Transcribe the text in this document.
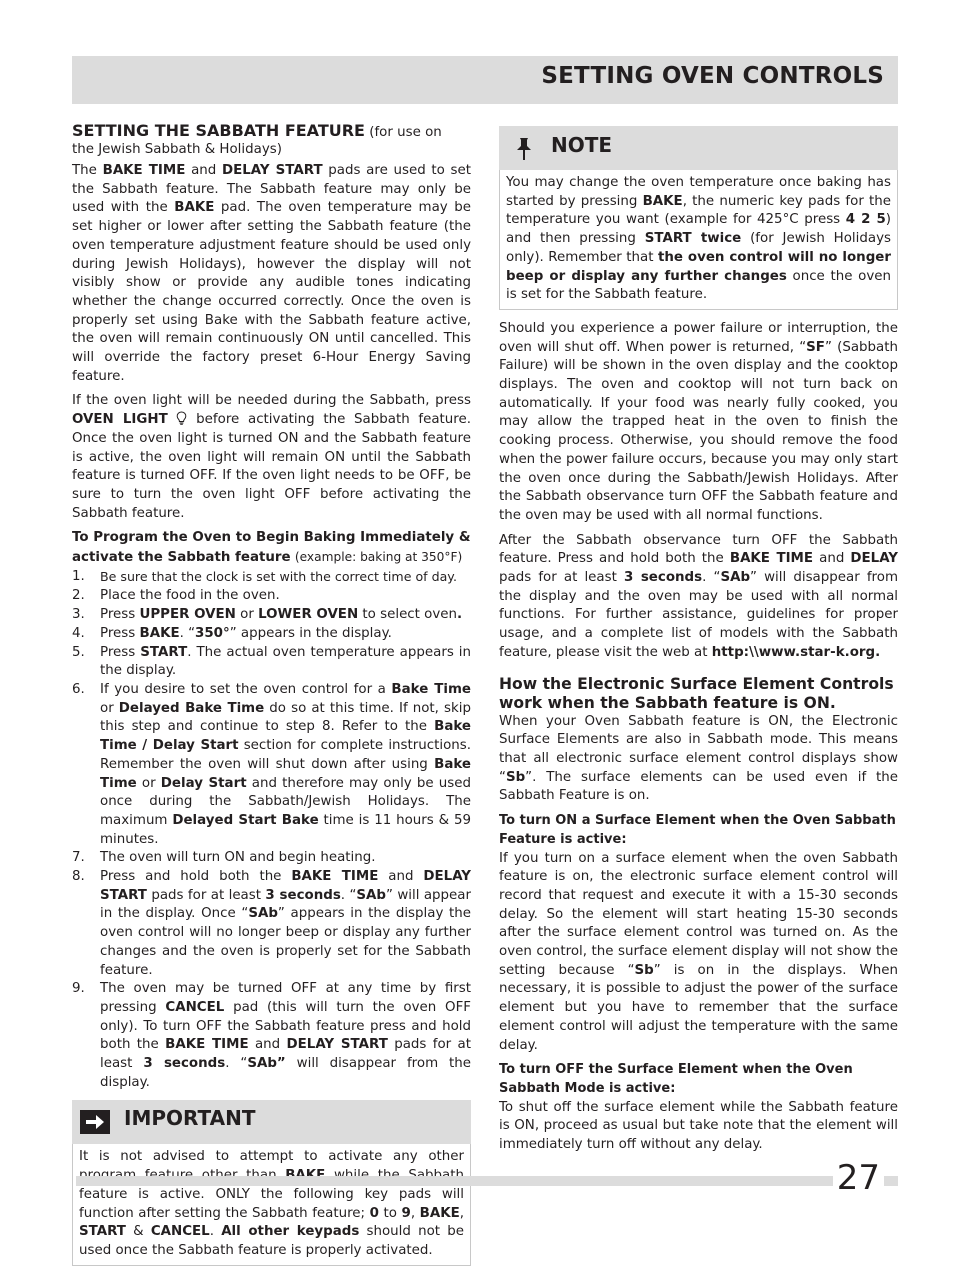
SETTING OVEN CONTROLS

SETTING THE SABBATH FEATURE (for use on
the Jewish Sabbath & Holidays)

The BAKE TIME and DELAY START pads are used to set the Sabbath feature. The Sabbath feature may only be used with the BAKE pad. The oven temperature may be set higher or lower after setting the Sabbath feature (the oven temperature adjustment feature should be used only during Jewish Holidays), however the display will not visibly show or provide any audible tones indicating whether the change occurred correctly. Once the oven is properly set using Bake with the Sabbath feature active, the oven will remain continuously ON until cancelled. This will override the factory preset 6-Hour Energy Saving feature.

If the oven light will be needed during the Sabbath, press OVEN LIGHT  before activating the Sabbath feature. Once the oven light is turned ON and the Sabbath feature is active, the oven light will remain ON until the Sabbath feature is turned OFF. If the oven light needs to be OFF, be sure to turn the oven light OFF before activating the Sabbath feature.

To Program the Oven to Begin Baking Immediately & activate the Sabbath feature (example: baking at 350°F)

1. Be sure that the clock is set with the correct time of day.
2. Place the food in the oven.
3. Press UPPER OVEN or LOWER OVEN to select oven.
4. Press BAKE. “350°” appears in the display.
5. Press START. The actual oven temperature appears in the display.
6. If you desire to set the oven control for a Bake Time or Delayed Bake Time do so at this time. If not, skip this step and continue to step 8. Refer to the Bake Time / Delay Start section for complete instructions. Remember the oven will shut down after using Bake Time or Delay Start and therefore may only be used once during the Sabbath/Jewish Holidays. The maximum Delayed Start Bake time is 11 hours & 59 minutes.
7. The oven will turn ON and begin heating.
8. Press and hold both the BAKE TIME and DELAY START pads for at least 3 seconds. “SAb” will appear in the display. Once “SAb” appears in the display the oven control will no longer beep or display any further changes and the oven is properly set for the Sabbath feature.
9. The oven may be turned OFF at any time by first pressing CANCEL pad (this will turn the oven OFF only). To turn OFF the Sabbath feature press and hold both the BAKE TIME and DELAY START pads for at least 3 seconds. “SAb” will disappear from the display.
IMPORTANT
It is not advised to attempt to activate any other feature is active. ONLY the following key pads will function after setting the Sabbath feature; 0 to 9, BAKE, START & CANCEL. All other keypads should not be used once the Sabbath feature is properly activated.
NOTE
You may change the oven temperature once baking has started by pressing BAKE, the numeric key pads for the temperature you want (example for 425°C press 4 2 5) and then pressing START twice (for Jewish Holidays only). Remember that the oven control will no longer beep or display any further changes once the oven is set for the Sabbath feature.

Should you experience a power failure or interruption, the oven will shut off. When power is returned, “SF” (Sabbath Failure) will be shown in the oven display and the cooktop displays. The oven and cooktop will not turn back on automatically. If your food was nearly fully cooked, you may allow the trapped heat in the oven to finish the cooking process. Otherwise, you should remove the food when the power failure occurs, because you may only start the oven once during the Sabbath/Jewish Holidays. After the Sabbath observance turn OFF the Sabbath feature and the oven may be used with all normal functions.

After the Sabbath observance turn OFF the Sabbath feature. Press and hold both the BAKE TIME and DELAY pads for at least 3 seconds. “SAb” will disappear from the display and the oven may be used with all normal functions. For further assistance, guidelines for proper usage, and a complete list of models with the Sabbath feature, please visit the web at http:\\www.star-k.org.

How the Electronic Surface Element Controls work when the Sabbath feature is ON.

When your Oven Sabbath feature is ON, the Electronic Surface Elements are also in Sabbath mode. This means that all electronic surface element control displays show “Sb”. The surface elements can be used even if the Sabbath Feature is on.

To turn ON a Surface Element when the Oven Sabbath Feature is active:

If you turn on a surface element when the oven Sabbath feature is on, the electronic surface element control will record that request and execute it with a 15-30 seconds delay. So the element will start heating 15-30 seconds after the surface element control was turned on. As the oven control, the surface element display will not show the setting because “Sb” is on in the displays. When necessary, it is possible to adjust the power of the surface element but you have to remember that the surface element control will adjust the temperature with the same delay.

To turn OFF the Surface Element when the Oven Sabbath Mode is active:

To shut off the surface element while the Sabbath feature is ON, proceed as usual but take note that the element will immediately turn off without any delay.

27
